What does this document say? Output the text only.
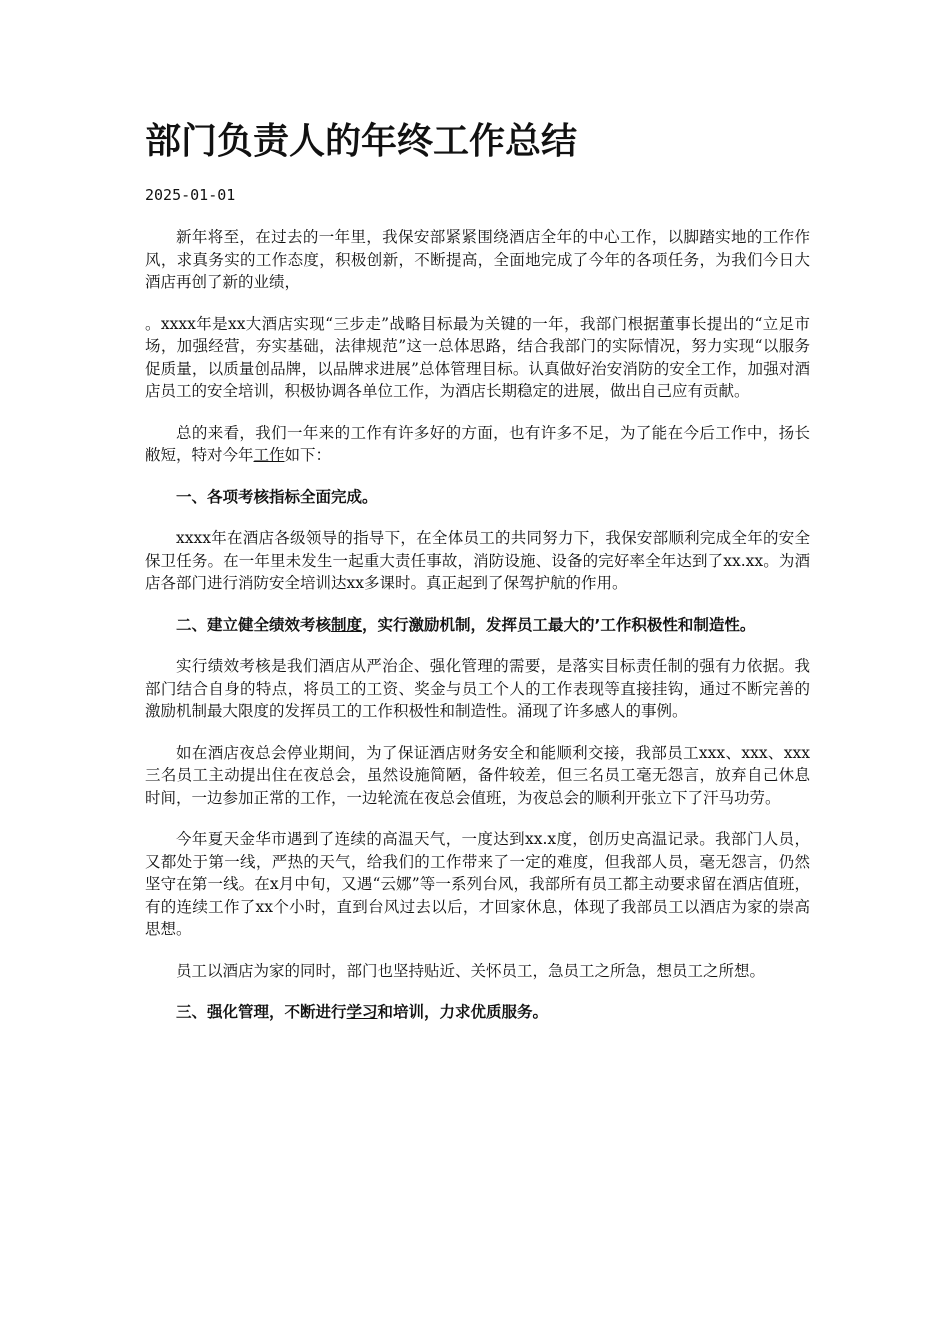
部门负责人的年终工作总结
2025-01-01

新年将至，在过去的一年里，我保安部紧紧围绕酒店全年的中心工作，以脚踏实地的工作作风，求真务实的工作态度，积极创新，不断提高，全面地完成了今年的各项任务，为我们今日大酒店再创了新的业绩，

。xxxx年是xx大酒店实现“三步走”战略目标最为关键的一年，我部门根据董事长提出的“立足市场，加强经营，夯实基础，法律规范”这一总体思路，结合我部门的实际情况，努力实现“以服务促质量，以质量创品牌，以品牌求进展”总体管理目标。认真做好治安消防的安全工作，加强对酒店员工的安全培训，积极协调各单位工作，为酒店长期稳定的进展，做出自己应有贡献。

总的来看，我们一年来的工作有许多好的方面，也有许多不足，为了能在今后工作中，扬长敝短，特对今年工作如下：

一、各项考核指标全面完成。

xxxx年在酒店各级领导的指导下，在全体员工的共同努力下，我保安部顺利完成全年的安全保卫任务。在一年里未发生一起重大责任事故，消防设施、设备的完好率全年达到了xx.xx。为酒店各部门进行消防安全培训达xx多课时。真正起到了保驾护航的作用。

二、建立健全绩效考核制度，实行激励机制，发挥员工最大的’工作积极性和制造性。

实行绩效考核是我们酒店从严治企、强化管理的需要，是落实目标责任制的强有力依据。我部门结合自身的特点，将员工的工资、奖金与员工个人的工作表现等直接挂钩，通过不断完善的激励机制最大限度的发挥员工的工作积极性和制造性。涌现了许多感人的事例。

如在酒店夜总会停业期间，为了保证酒店财务安全和能顺利交接，我部员工xxx、xxx、xxx三名员工主动提出住在夜总会，虽然设施简陋，备件较差，但三名员工毫无怨言，放弃自己休息时间，一边参加正常的工作，一边轮流在夜总会值班，为夜总会的顺利开张立下了汗马功劳。

今年夏天金华市遇到了连续的高温天气，一度达到xx.x度，创历史高温记录。我部门人员，又都处于第一线，严热的天气，给我们的工作带来了一定的难度，但我部人员，毫无怨言，仍然坚守在第一线。在x月中旬，又遇“云娜”等一系列台风，我部所有员工都主动要求留在酒店值班，有的连续工作了xx个小时，直到台风过去以后，才回家休息，体现了我部员工以酒店为家的崇高思想。

员工以酒店为家的同时，部门也坚持贴近、关怀员工，急员工之所急，想员工之所想。

三、强化管理，不断进行学习和培训，力求优质服务。
